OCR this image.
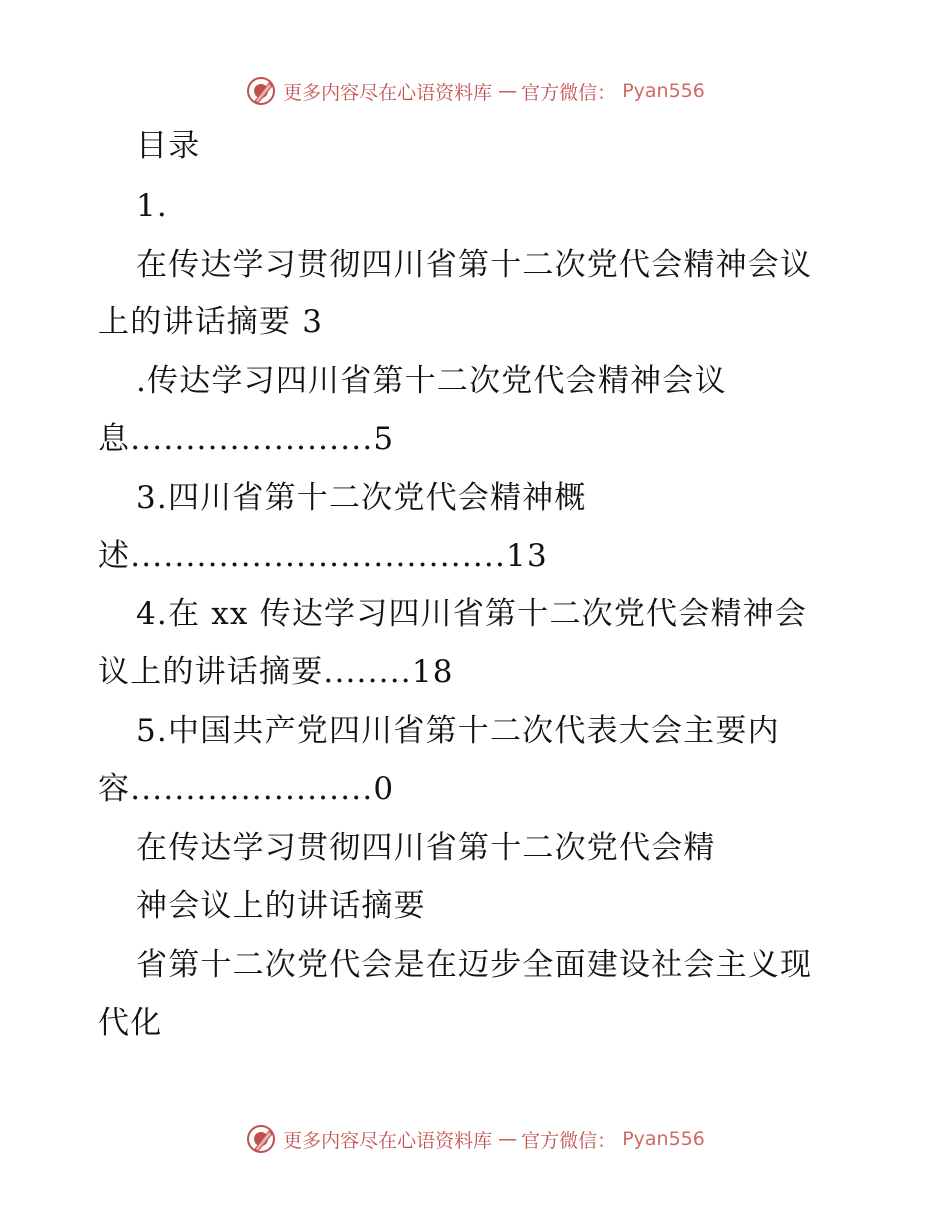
更多内容尽在心语资料库 — 官方微信： Pyan556
目录
1.
在传达学习贯彻四川省第十二次党代会精神会议
上的讲话摘要 3
.传达学习四川省第十二次党代会精神会议
息......................5
3.四川省第十二次党代会精神概
述..................................13
4.在 xx 传达学习四川省第十二次党代会精神会
议上的讲话摘要........18
5.中国共产党四川省第十二次代表大会主要内
容......................0
在传达学习贯彻四川省第十二次党代会精
神会议上的讲话摘要
省第十二次党代会是在迈步全面建设社会主义现
代化
更多内容尽在心语资料库 — 官方微信： Pyan556
